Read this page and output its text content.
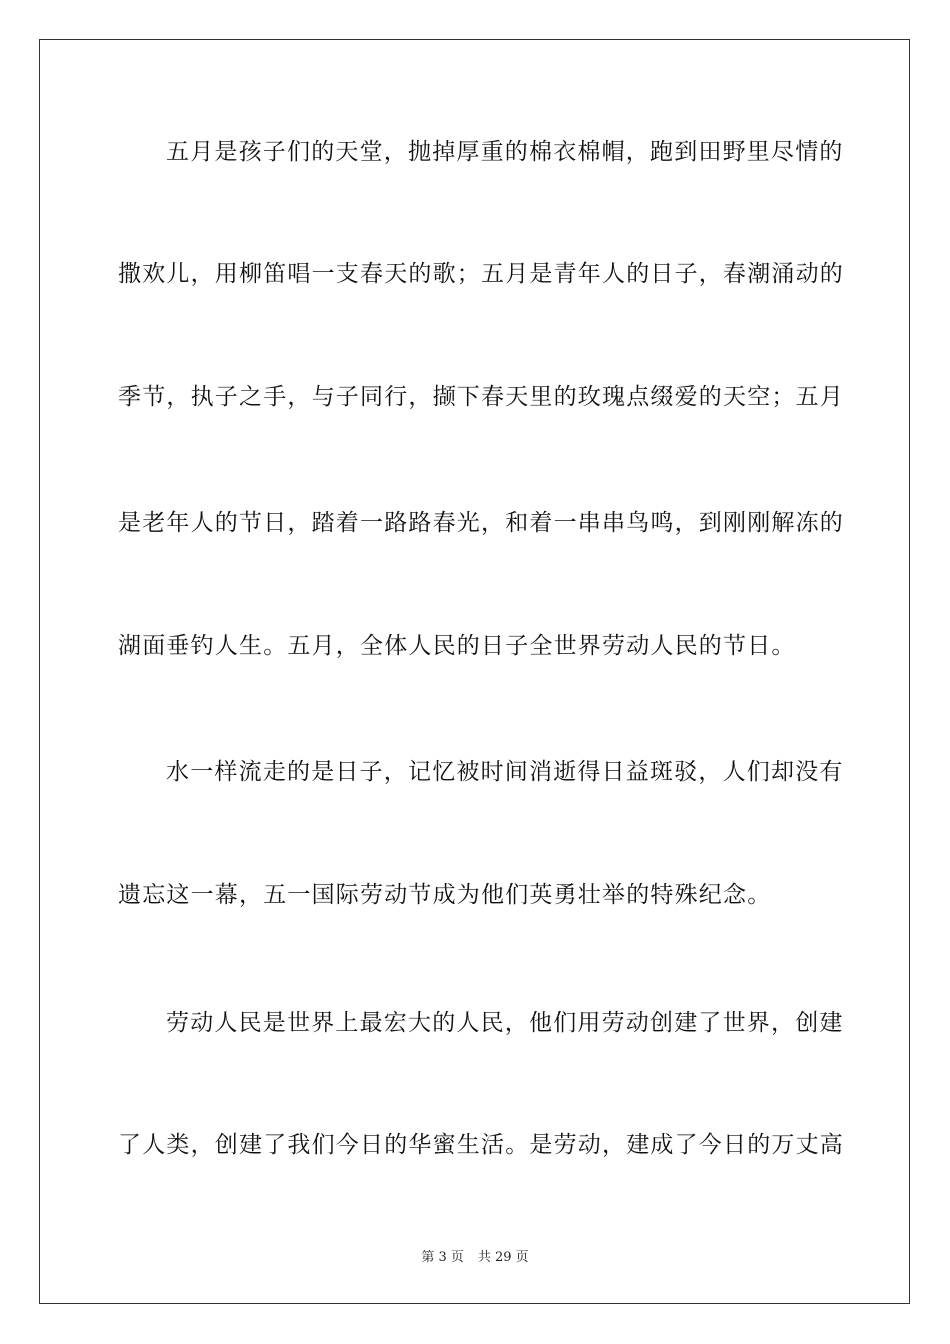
五月是孩子们的天堂，抛掉厚重的棉衣棉帽，跑到田野里尽情的
撒欢儿，用柳笛唱一支春天的歌；五月是青年人的日子，春潮涌动的
季节，执子之手，与子同行，撷下春天里的玫瑰点缀爱的天空；五月
是老年人的节日，踏着一路路春光，和着一串串鸟鸣，到刚刚解冻的
湖面垂钓人生。五月，全体人民的日子全世界劳动人民的节日。
水一样流走的是日子，记忆被时间消逝得日益斑驳，人们却没有
遗忘这一幕，五一国际劳动节成为他们英勇壮举的特殊纪念。
劳动人民是世界上最宏大的人民，他们用劳动创建了世界，创建
了人类，创建了我们今日的华蜜生活。是劳动，建成了今日的万丈高
第 3 页 共 29 页
